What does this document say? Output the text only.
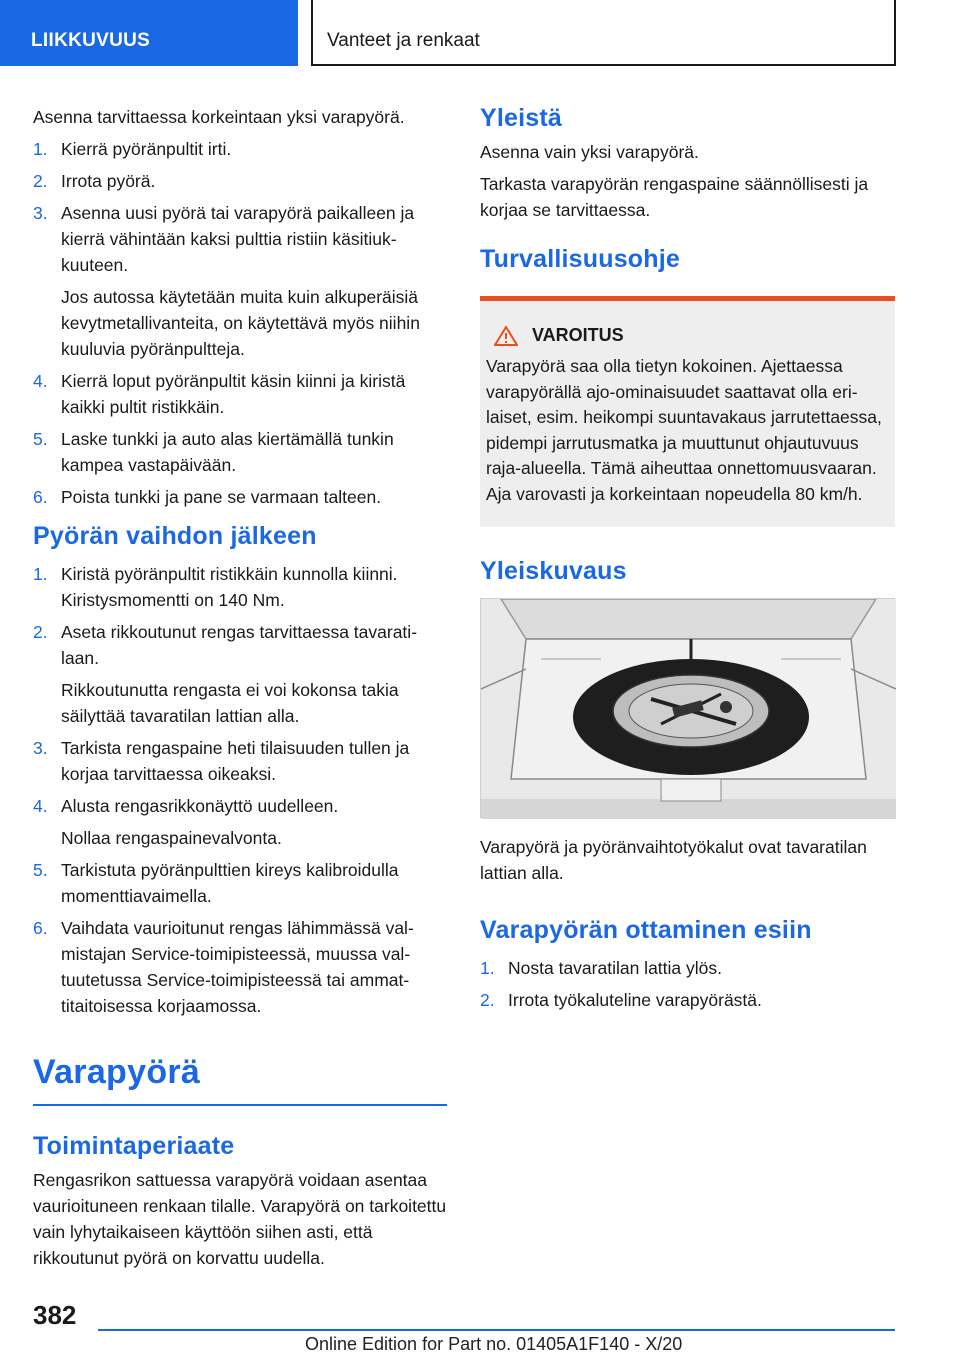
LIIKKUVUUS	Vanteet ja renkaat

Asenna tarvittaessa korkeintaan yksi varapyörä.

1. Kierrä pyöränpultit irti.
2. Irrota pyörä.
3. Asenna uusi pyörä tai varapyörä paikalleen ja kierrä vähintään kaksi pulttia ristiin käsitiukkuuteen.
Jos autossa käytetään muita kuin alkuperäisiä kevytmetallivanteita, on käytettävä myös niihin kuuluvia pyöränpultteja.
4. Kierrä loput pyöränpultit käsin kiinni ja kiristä kaikki pultit ristikkäin.
5. Laske tunkki ja auto alas kiertämällä tunkin kampea vastapäivään.
6. Poista tunkki ja pane se varmaan talteen.
Pyörän vaihdon jälkeen
1. Kiristä pyöränpultit ristikkäin kunnolla kiinni. Kiristysmomentti on 140 Nm.
2. Aseta rikkoutunut rengas tarvittaessa tavaratilaan.
Rikkoutunutta rengasta ei voi kokonsa takia säilyttää tavaratilan lattian alla.
3. Tarkista rengaspaine heti tilaisuuden tullen ja korjaa tarvittaessa oikeaksi.
4. Alusta rengasrikkonäyttö uudelleen.
Nollaa rengaspainevalvonta.
5. Tarkistuta pyöränpulttien kireys kalibroidulla momenttiavaimella.
6. Vaihdata vaurioitunut rengas lähimmässä valmistajan Service-toimipisteessä, muussa valtuutetussa Service-toimipisteessä tai ammattitaitoisessa korjaamossa.
Varapyörä
Toimintaperiaate

Rengasrikon sattuessa varapyörä voidaan asentaa vaurioituneen renkaan tilalle. Varapyörä on tarkoitettu vain lyhytaikaiseen käyttöön siihen asti, että rikkoutunut pyörä on korvattu uudella.

Yleistä

Asenna vain yksi varapyörä.

Tarkasta varapyörän rengaspaine säännöllisesti ja korjaa se tarvittaessa.

Turvallisuusohje
VAROITUS
Varapyörä saa olla tietyn kokoinen. Ajettaessa varapyörällä ajo-ominaisuudet saattavat olla erilaiset, esim. heikompi suuntavakaus jarrutettaessa, pidempi jarrutusmatka ja muuttunut ohjautuvuus raja-alueella. Tämä aiheuttaa onnettomuusvaaran. Aja varovasti ja korkeintaan nopeudella 80 km/h.
Yleiskuvaus

Varapyörä ja pyöränvaihtotyökalut ovat tavaratilan lattian alla.

Varapyörän ottaminen esiin
1. Nosta tavaratilan lattia ylös.
2. Irrota työkaluteline varapyörästä.
382
Online Edition for Part no. 01405A1F140 - X/20
